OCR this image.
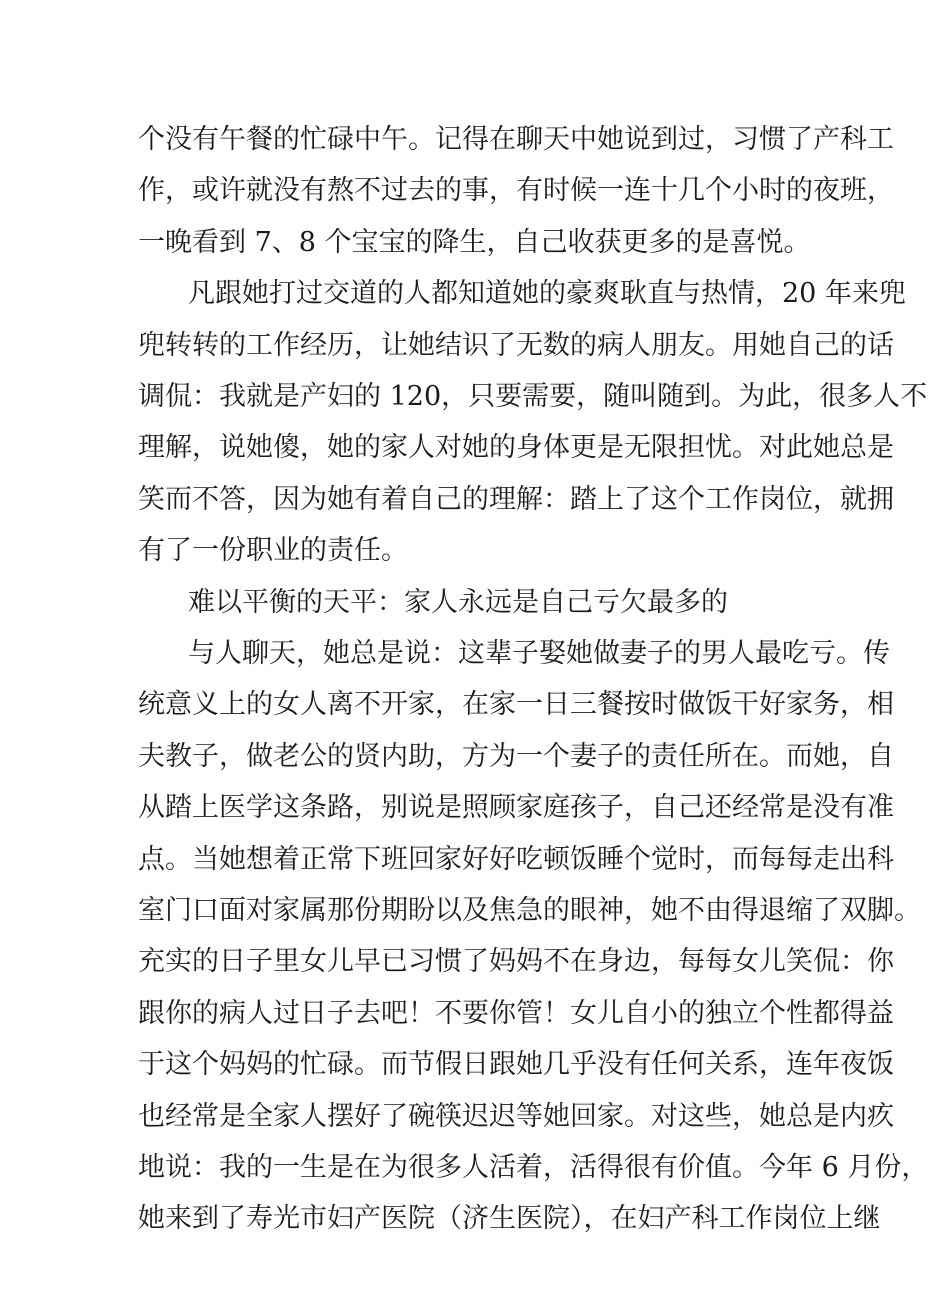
个没有午餐的忙碌中午。记得在聊天中她说到过，习惯了产科工
作，或许就没有熬不过去的事，有时候一连十几个小时的夜班，
一晚看到 7、8 个宝宝的降生，自己收获更多的是喜悦。
凡跟她打过交道的人都知道她的豪爽耿直与热情，20 年来兜
兜转转的工作经历，让她结识了无数的病人朋友。用她自己的话
调侃：我就是产妇的 120，只要需要，随叫随到。为此，很多人不
理解，说她傻，她的家人对她的身体更是无限担忧。对此她总是
笑而不答，因为她有着自己的理解：踏上了这个工作岗位，就拥
有了一份职业的责任。
难以平衡的天平：家人永远是自己亏欠最多的
与人聊天，她总是说：这辈子娶她做妻子的男人最吃亏。传
统意义上的女人离不开家，在家一日三餐按时做饭干好家务，相
夫教子，做老公的贤内助，方为一个妻子的责任所在。而她，自
从踏上医学这条路，别说是照顾家庭孩子，自己还经常是没有准
点。当她想着正常下班回家好好吃顿饭睡个觉时，而每每走出科
室门口面对家属那份期盼以及焦急的眼神，她不由得退缩了双脚。
充实的日子里女儿早已习惯了妈妈不在身边，每每女儿笑侃：你
跟你的病人过日子去吧！不要你管！女儿自小的独立个性都得益
于这个妈妈的忙碌。而节假日跟她几乎没有任何关系，连年夜饭
也经常是全家人摆好了碗筷迟迟等她回家。对这些，她总是内疚
地说：我的一生是在为很多人活着，活得很有价值。今年 6 月份，
她来到了寿光市妇产医院（济生医院），在妇产科工作岗位上继
